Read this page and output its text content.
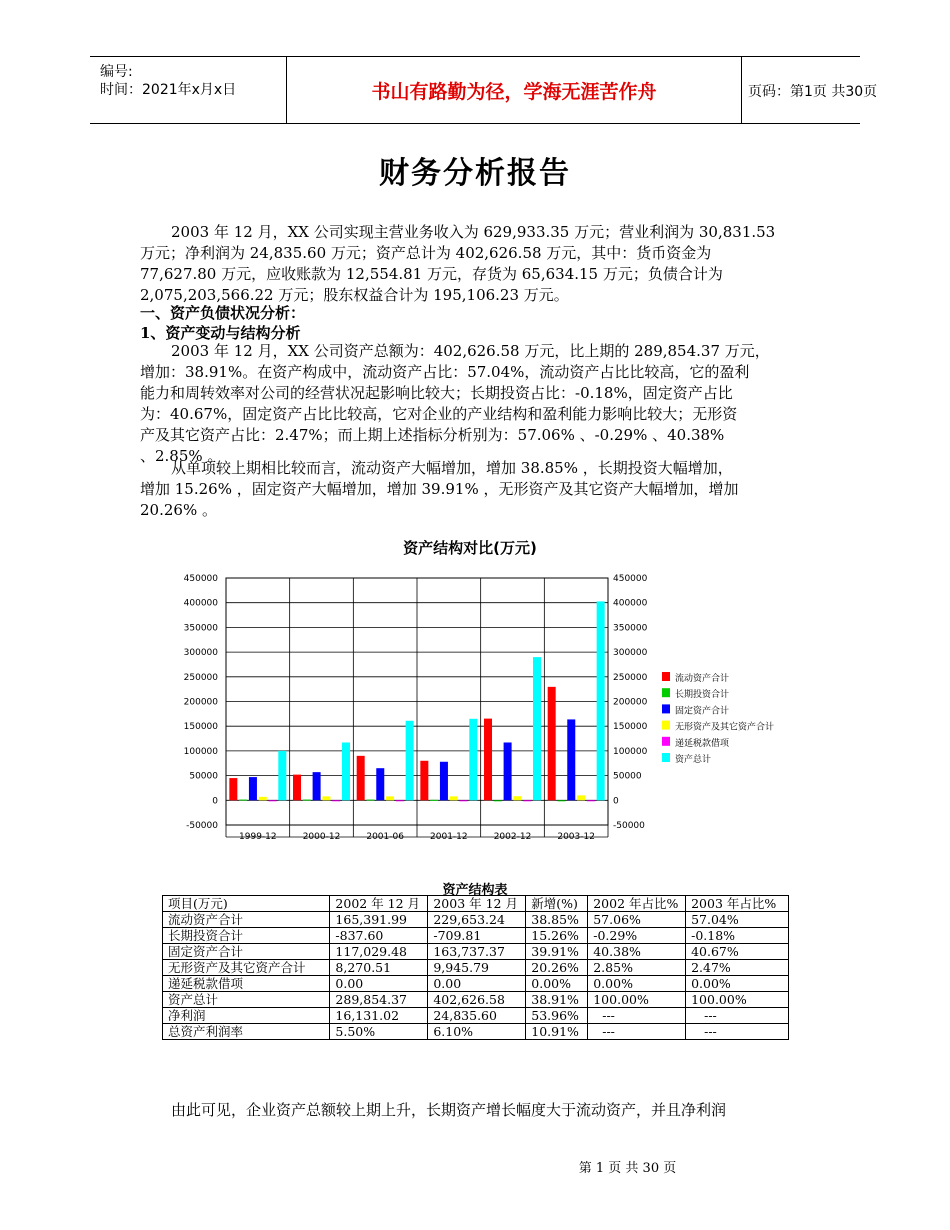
编号:
时间：2021年x月x日	书山有路勤为径，学海无涯苦作舟	页码：第1页 共30页
财务分析报告
2003 年 12 月，XX 公司实现主营业务收入为 629,933.35 万元；营业利润为 30,831.53
万元；净利润为 24,835.60 万元；资产总计为 402,626.58 万元，其中：货币资金为
77,627.80 万元，应收账款为 12,554.81 万元，存货为 65,634.15 万元；负债合计为
2,075,203,566.22 万元；股东权益合计为 195,106.23 万元。
一、资产负债状况分析：
1、资产变动与结构分析
2003 年 12 月，XX 公司资产总额为：402,626.58 万元，比上期的 289,854.37 万元，
增加：38.91%。在资产构成中，流动资产占比：57.04%，流动资产占比比较高，它的盈利
能力和周转效率对公司的经营状况起影响比较大；长期投资占比：-0.18%，固定资产占比
为：40.67%，固定资产占比比较高，它对企业的产业结构和盈利能力影响比较大；无形资
产及其它资产占比：2.47%；而上期上述指标分析别为：57.06% 、-0.29% 、40.38%
、2.85% 。
从单项较上期相比较而言，流动资产大幅增加，增加 38.85% ，长期投资大幅增加，
增加 15.26% ，固定资产大幅增加，增加 39.91% ，无形资产及其它资产大幅增加，增加
20.26% 。
资产结构对比(万元)
-50000	-50000
0	0
50000	50000
100000	100000
150000	150000
200000	200000
250000	250000
300000	300000
350000	350000
400000	400000
450000	450000
1999-12	2000-12	2001-06	2001-12	2002-12	2003-12
流动资产合计
长期投资合计
固定资产合计
无形资产及其它资产合计
递延税款借项
资产总计
资产结构表
项目(万元)	2002 年 12 月	2003 年 12 月	新增(%)	2002 年占比%	2003 年占比%
流动资产合计	165,391.99	229,653.24	38.85%	57.06%	57.04%
长期投资合计	-837.60	-709.81	15.26%	-0.29%	-0.18%
固定资产合计	117,029.48	163,737.37	39.91%	40.38%	40.67%
无形资产及其它资产合计	8,270.51	9,945.79	20.26%	2.85%	2.47%
递延税款借项	0.00	0.00	0.00%	0.00%	0.00%
资产总计	289,854.37	402,626.58	38.91%	100.00%	100.00%
净利润	16,131.02	24,835.60	53.96%	---	---
总资产利润率	5.50%	6.10%	10.91%	---	---
由此可见，企业资产总额较上期上升，长期资产增长幅度大于流动资产，并且净利润
第 1 页 共 30 页
